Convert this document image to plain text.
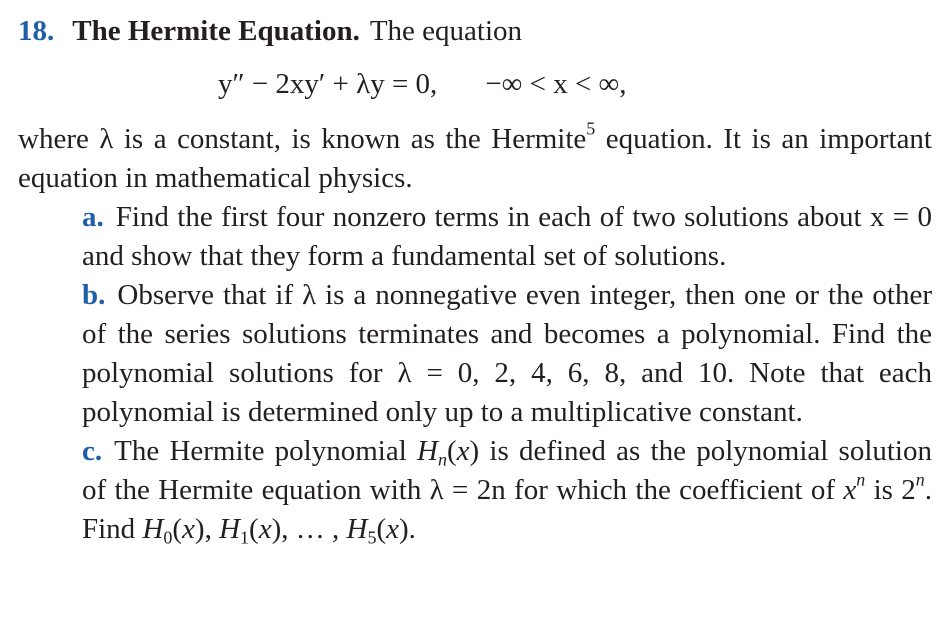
18. The Hermite Equation. The equation
y″ − 2xy′ + λy = 0, −∞ < x < ∞,

where λ is a constant, is known as the Hermite$^5$ equation. It is an important equation in mathematical physics.

a. Find the first four nonzero terms in each of two solutions about x = 0 and show that they form a fundamental set of solutions.

b. Observe that if λ is a nonnegative even integer, then one or the other of the series solutions terminates and becomes a polynomial. Find the polynomial solutions for λ = 0, 2, 4, 6, 8, and 10. Note that each polynomial is determined only up to a multiplicative constant.

c. The Hermite polynomial $H_n(x)$ is defined as the polynomial solution of the Hermite equation with λ = 2n for which the coefficient of $x^n$ is 2$^n$. Find $H_0(x)$, $H_1(x)$, … , $H_5(x)$.
